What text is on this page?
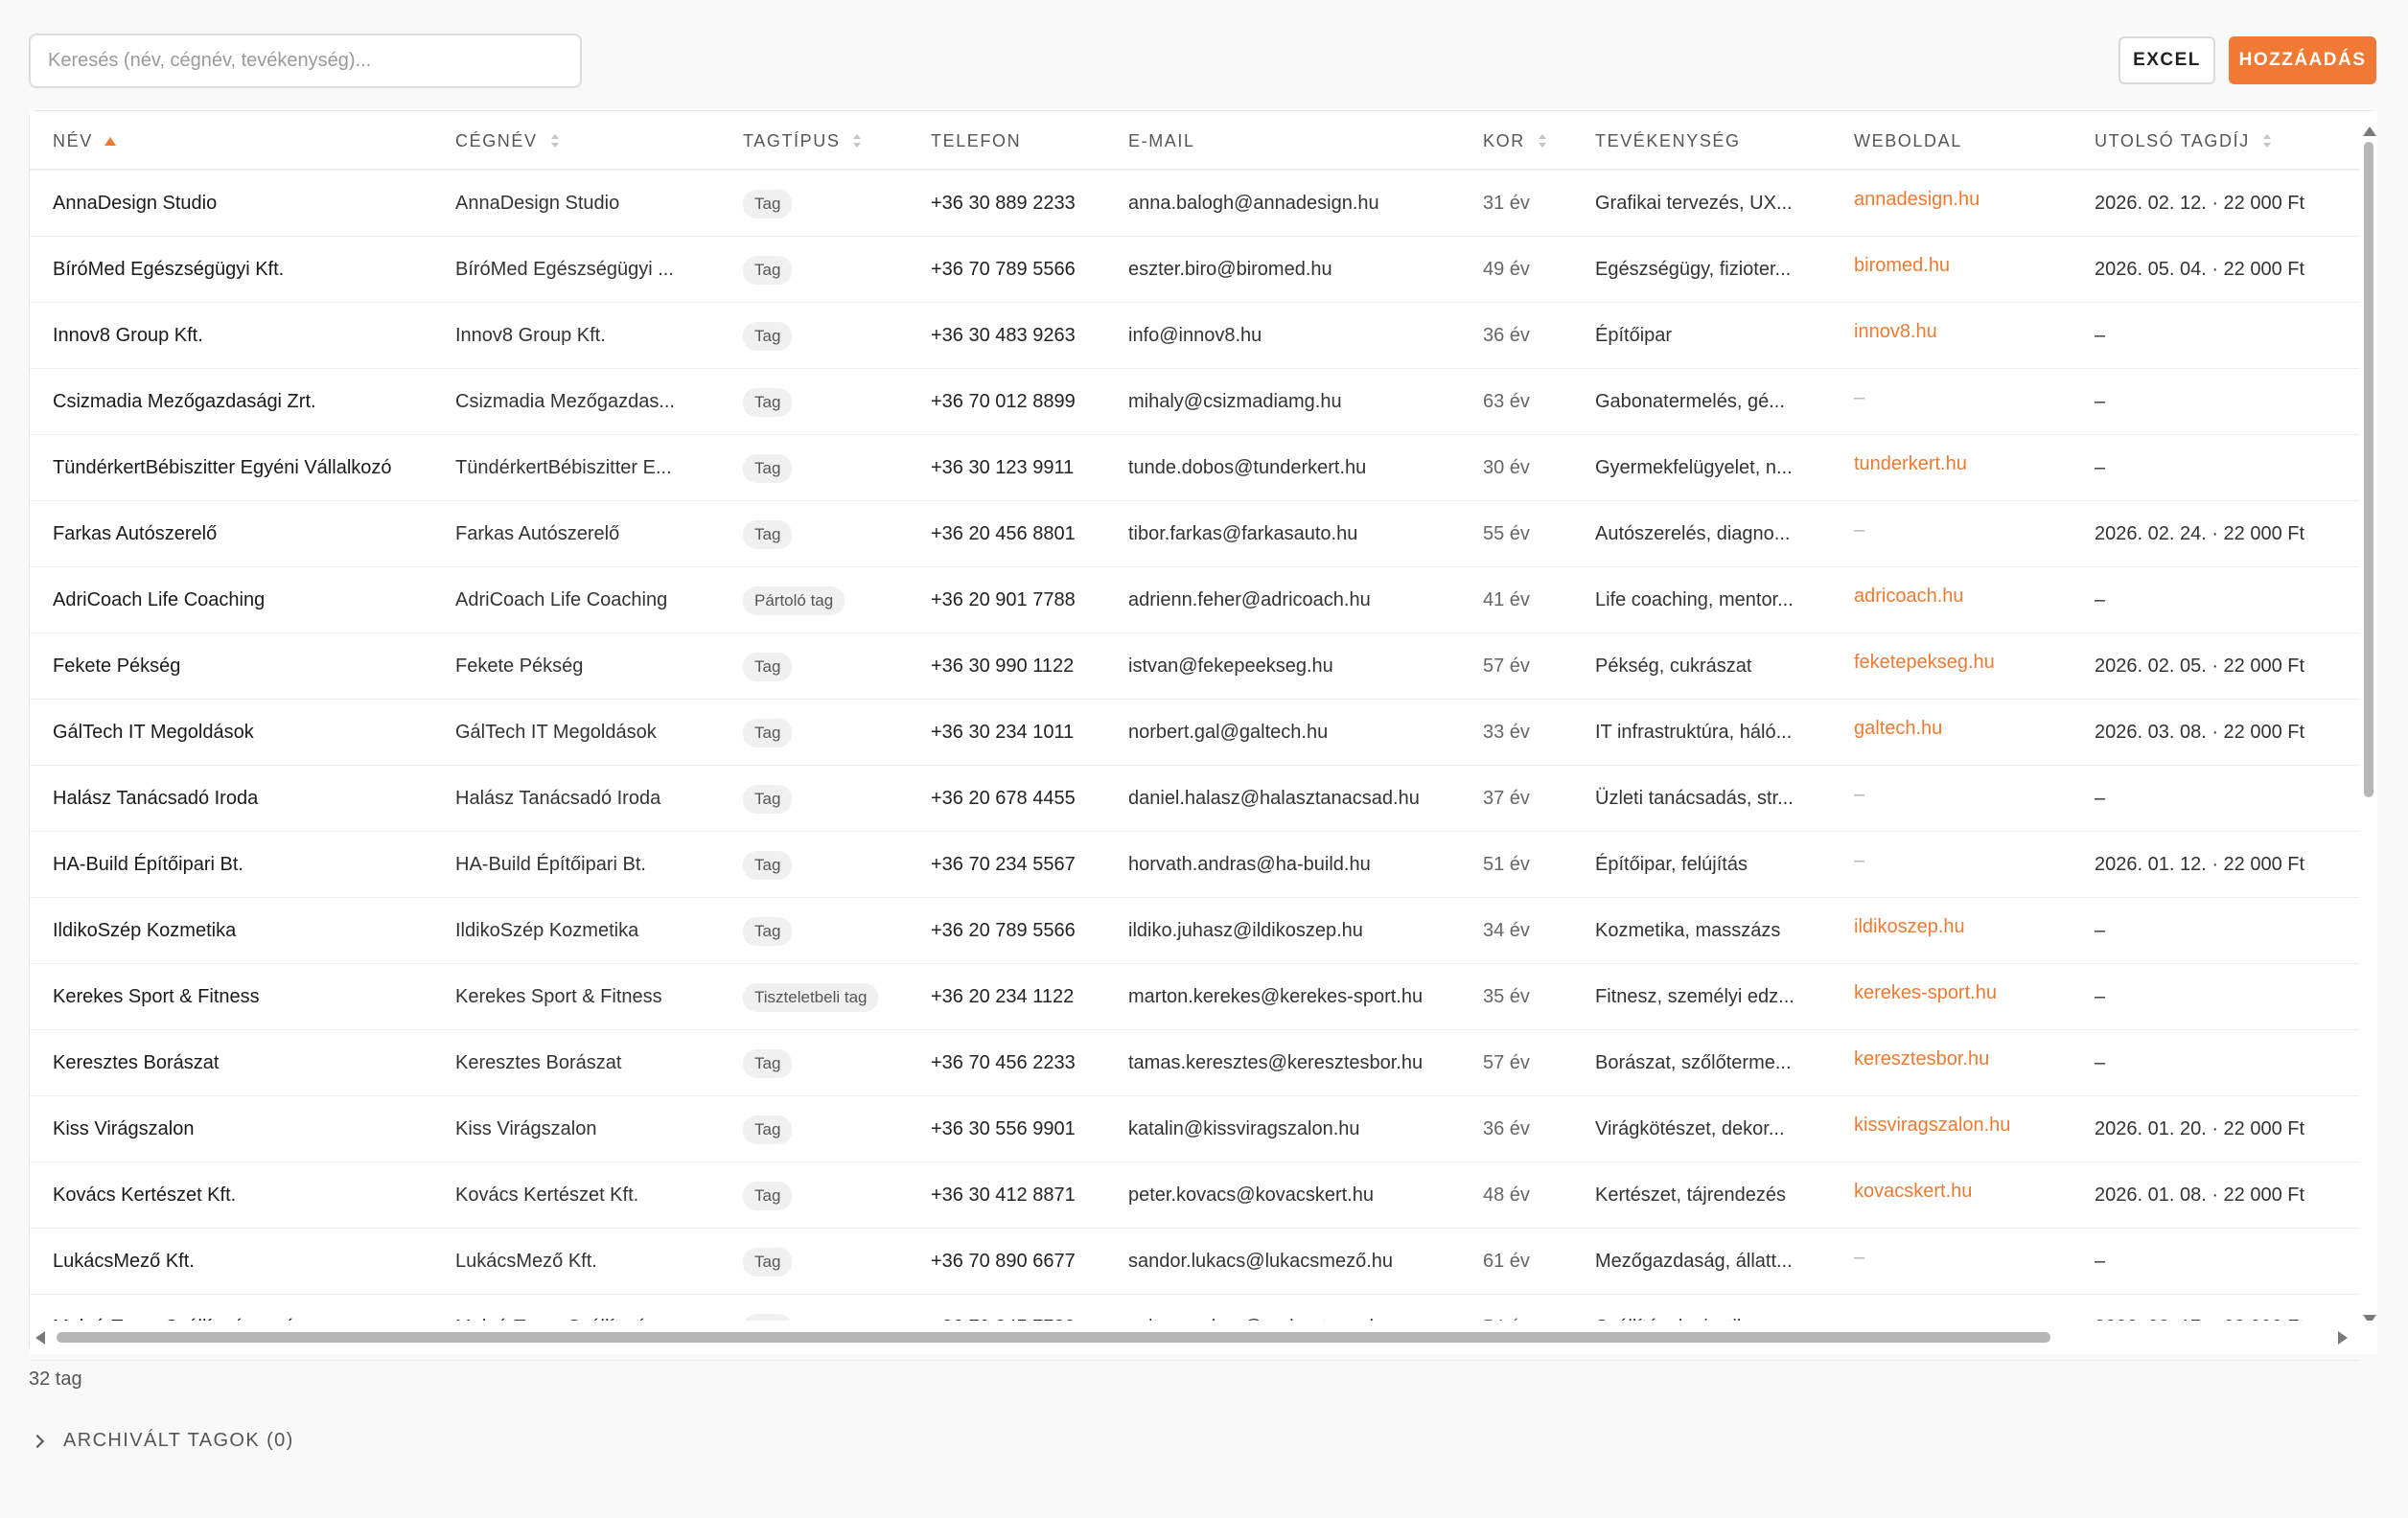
Keresés (név, cégnév, tevékenység)...
EXCEL	HOZZÁADÁS
NÉV	CÉGNÉV	TAGTÍPUS	TELEFON	E-MAIL	KOR	TEVÉKENYSÉG	WEBOLDAL	UTOLSÓ TAGDÍJ
AnnaDesign Studio	AnnaDesign Studio	Tag	+36 30 889 2233	anna.balogh@annadesign.hu	31 év	Grafikai tervezés, UX...	annadesign.hu	2026. 02. 12. · 22 000 Ft
BíróMed Egészségügyi Kft.	BíróMed Egészségügyi ...	Tag	+36 70 789 5566	eszter.biro@biromed.hu	49 év	Egészségügy, fizioter...	biromed.hu	2026. 05. 04. · 22 000 Ft
Innov8 Group Kft.	Innov8 Group Kft.	Tag	+36 30 483 9263	info@innov8.hu	36 év	Építőipar	innov8.hu	–
Csizmadia Mezőgazdasági Zrt.	Csizmadia Mezőgazdas...	Tag	+36 70 012 8899	mihaly@csizmadiamg.hu	63 év	Gabonatermelés, gé...	–	–
TündérkertBébiszitter Egyéni Vállalkozó	TündérkertBébiszitter E...	Tag	+36 30 123 9911	tunde.dobos@tunderkert.hu	30 év	Gyermekfelügyelet, n...	tunderkert.hu	–
Farkas Autószerelő	Farkas Autószerelő	Tag	+36 20 456 8801	tibor.farkas@farkasauto.hu	55 év	Autószerelés, diagno...	–	2026. 02. 24. · 22 000 Ft
AdriCoach Life Coaching	AdriCoach Life Coaching	Pártoló tag	+36 20 901 7788	adrienn.feher@adricoach.hu	41 év	Life coaching, mentor...	adricoach.hu	–
Fekete Pékség	Fekete Pékség	Tag	+36 30 990 1122	istvan@fekepeekseg.hu	57 év	Pékség, cukrászat	feketepekseg.hu	2026. 02. 05. · 22 000 Ft
GálTech IT Megoldások	GálTech IT Megoldások	Tag	+36 30 234 1011	norbert.gal@galtech.hu	33 év	IT infrastruktúra, háló...	galtech.hu	2026. 03. 08. · 22 000 Ft
Halász Tanácsadó Iroda	Halász Tanácsadó Iroda	Tag	+36 20 678 4455	daniel.halasz@halasztanacsad.hu	37 év	Üzleti tanácsadás, str...	–	–
HA-Build Építőipari Bt.	HA-Build Építőipari Bt.	Tag	+36 70 234 5567	horvath.andras@ha-build.hu	51 év	Építőipar, felújítás	–	2026. 01. 12. · 22 000 Ft
IldikoSzép Kozmetika	IldikoSzép Kozmetika	Tag	+36 20 789 5566	ildiko.juhasz@ildikoszep.hu	34 év	Kozmetika, masszázs	ildikoszep.hu	–
Kerekes Sport & Fitness	Kerekes Sport & Fitness	Tiszteletbeli tag	+36 20 234 1122	marton.kerekes@kerekes-sport.hu	35 év	Fitnesz, személyi edz...	kerekes-sport.hu	–
Keresztes Borászat	Keresztes Borászat	Tag	+36 70 456 2233	tamas.keresztes@keresztesbor.hu	57 év	Borászat, szőlőterme...	keresztesbor.hu	–
Kiss Virágszalon	Kiss Virágszalon	Tag	+36 30 556 9901	katalin@kissviragszalon.hu	36 év	Virágkötészet, dekor...	kissviragszalon.hu	2026. 01. 20. · 22 000 Ft
Kovács Kertészet Kft.	Kovács Kertészet Kft.	Tag	+36 30 412 8871	peter.kovacs@kovacskert.hu	48 év	Kertészet, tájrendezés	kovacskert.hu	2026. 01. 08. · 22 000 Ft
LukácsMező Kft.	LukácsMező Kft.	Tag	+36 70 890 6677	sandor.lukacs@lukacsmező.hu	61 év	Mezőgazdaság, állatt...	–	–
32 tag
ARCHIVÁLT TAGOK (0)
